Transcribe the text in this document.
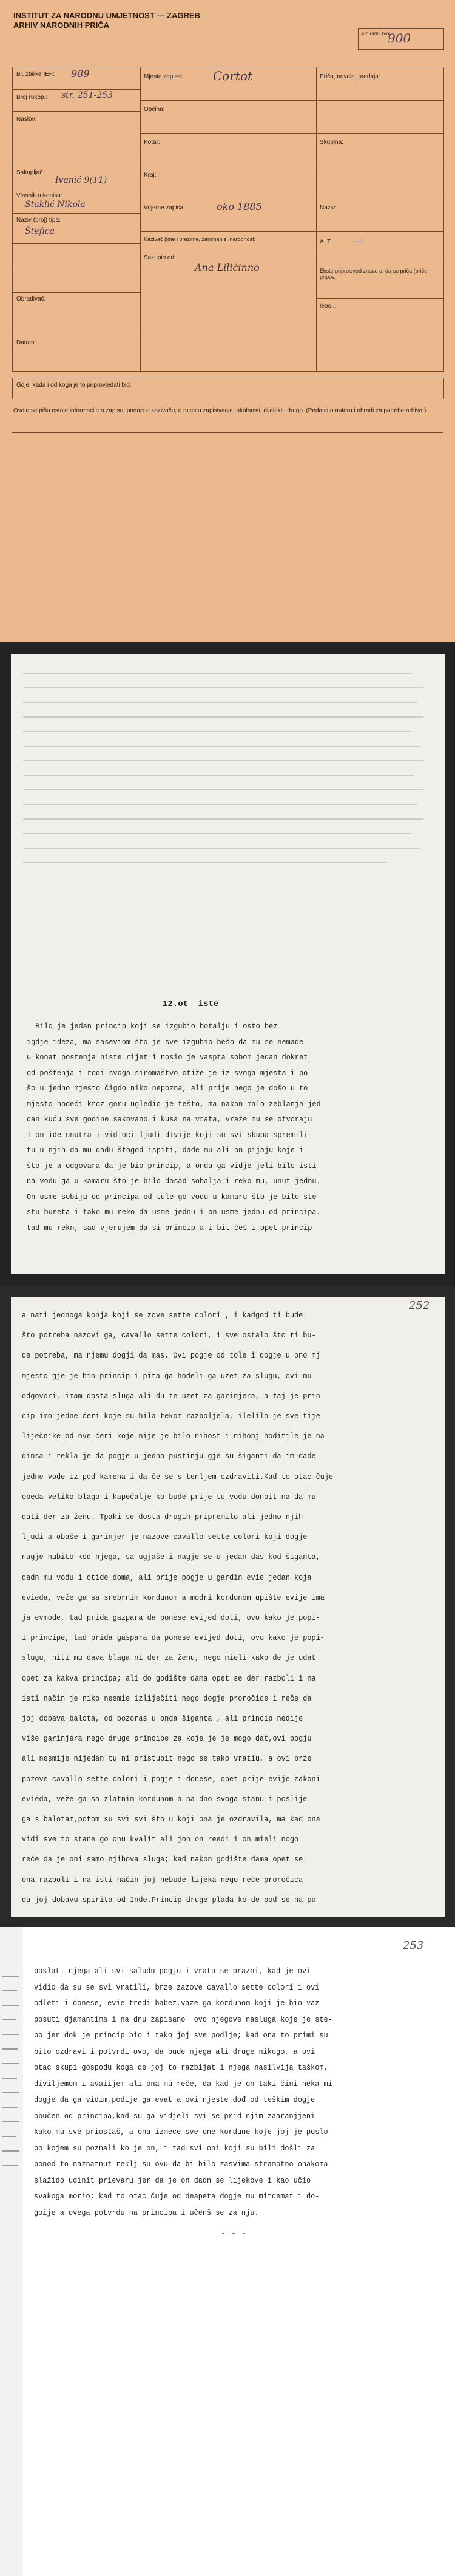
INSTITUT ZA NARODNU UMJETNOST — ZAGREB
ARHIV NARODNIH PRIČA
Arh.radni broj
900
Br. zbirke IEF: 989
Broj rukop.: str. 251-253
Naslov:
Sakupljač:
Ivanić 9(11)
Vlasnik rukopisa:
Staklić Nikola
Naziv (broj) tipa:
Štefica
Obrađivač:
Datum:
Mjesto zapisa:	Cortot
Općina:
Kotar:
Kraj:
Vrijeme zapisa:	oko 1885
Kazivač (ime i prezime, zanimanje, narodnost:
Sakupio od:
Ana Lilićinno
Priča, novela, predaja:
Skupina:
Naziv:
A. T. —
Ekste priproizvod znavu u, da se priča (priče, pripov.
lebo...
Gdje, kada i od koga je to priprovjedati bio:
Ovdje se pišu ostale informacije o zapisu: podaci o kazivaču, o mjestu zapisivanja, okolnosti, dijalekt i drugo. (Podatci o autoru i obradi za potrebe arhiva.)
12.ot  iste
Bilo je jedan princip koji se izgubio hotalju i osto bez
igdje ideza, ma saseviom što je sve izgubio bešo da mu se nemade
u konat postenja niste rijet i nosio je vaspta sobom jedan dokret
od poštenja i rodi svoga siromaštvo otiže je iz svoga mjesta i po-
šo u jedno mjesto čigdo niko nepozna, ali prije nego je došo u to
mjesto hodeći kroz goru ugledio je tešto, ma nakon malo zeblanja jed-
dan kuću sve godine sakovano i kusa na vrata, vraže mu se otvoraju
i on ide unutra i vidioci ljudi divije koji su svi skupa spremili
tu u njih da mu dadu štogod ispiti, dade mu ali on pijaju koje i
što je a odgovara da je bio princip, a onda ga vidje jeli bilo isti-
na vodu ga u kamaru što je bilo dosad sobalja i reko mu, unut jednu.
On usme sobiju od principa od tule go vodu u kamaru što je bilo ste
stu bureta i tako mu reko da usme jednu i on usme jednu od principa.
tad mu rekn, sad vjerujem da si princip a i bit ćeš i opet princip
252
a nati jednoga konja koji se zove sette colori , i kadgod ti bude
što potreba nazovi ga, cavallo sette colori, i sve ostalo što ti bu-
de potreba, ma njemu dogji da mas. Ovi pogje od tole i dogje u ono mj
mjesto gje je bio princip i pita ga hodeli ga uzet za slugu, ovi mu
odgovori, imam dosta sluga ali du te uzet za garinjera, a taj je prin
cip imo jedne ćeri koje su bila tekom razboljela, ilelilo je sve tije
liječnike od ove ćeri koje nije je bilo nihost i nihonj hoditile je na
dinsa i rekla je da pogje u jedno pustinju gje su šiganti da im dade
jedne vode iz pod kamena i da će se s tenljem ozdraviti.Kad to otac čuje
obeda veliko blago i kapećalje ko bude prije tu vodu donoit na da mu
dati der za ženu. Tpaki se dosta drugih pripremilo ali jedno njih
ljudi a obaše i garinjer je nazove cavallo sette colori koji dogje
nagje nubito kod njega, sa ugjaše i nagje se u jedan das kod šiganta,
dadn mu vodu i otide doma, ali prije pogje u gardin evie jedan koja
evieda, veže ga sa srebrnim kordunom a modri kordunom upište evije ima
ja evmode, tad prida gazpara da ponese evijed doti, ovo kako je popi-
i principe, tad prida gaspara da ponese evijed doti, ovo kako je popi-
slugu, niti mu dava blaga ni der za ženu, nego mieli kako de je udat
opet za kakva principa; ali do godište dama opet se der razboli i na
isti način je niko nesmie izliječiti nego dogje proročice i reče da
joj dobava balota, od bozoras u onda šiganta , ali princip nedije
više garinjera nego druge principe za koje je je mogo dat,ovi pogju
ali nesmije nijedan tu ni pristupit nego se tako vratiu, a ovi brze
pozove cavallo sette colori i pogje i donese, opet prije evije zakoni
evieda, veže ga sa zlatnim kordunom a na dno svoga stanu i poslije
ga s balotam,potom su svi svi što u koji ona je ozdravila, ma kad ona
vidi sve to stane go onu kvalit ali jon on reedi i on mieli nogo
reće da je oni samo njihova sluga; kad nakon godište dama opet se
ona razboli i na isti način joj nebude lijeka nego reče proročica
da joj dobavu spirita od Inde.Princip druge plada ko de pod se na po-
253
poslati njega ali svi saludu pogju i vratu se prazni, kad je ovi
vidio da su se svi vratili, brze zazove cavallo sette colori i ovi
odleti i donese, evie tredi babez,vaze ga kordunom koji je bio vaz
posuti djamantima i na dnu zapisano  ovo njegove nasluga koje je ste-
bo jer dok je princip bio i tako joj sve podlje; kad ona to primi su
bito ozdravi i potvrdi ovo, da bude njega ali druge nikogo, a ovi
otac skupi gospodu koga de joj to razbijat i njega nasilvija taškom,
diviljemom i avaiijem ali ona mu reče, da kad je on taki čini neka mi
dogje da ga vidim,podije ga evat a ovi njeste dođ od teškim dogje
obučen od principa,kad su ga vidjeli svi se prid njim zaaranjjeni
kako mu sve priostaš, a ona izmece sve one kordune koje joj je poslo
po kojem su poznali ko je on, i tad svi oni koji su bili došli za
ponod to naznatnut reklj su ovu da bi bilo zasvima stramotno onakoma
slažido udinit prievaru jer da je on dadn se lijekove i kao učio
svakoga morio; kad to otac čuje od deapeta dogje mu mitdemat i do-
goije a ovega potvrdu na principa i učenš se za nju.
- - -
